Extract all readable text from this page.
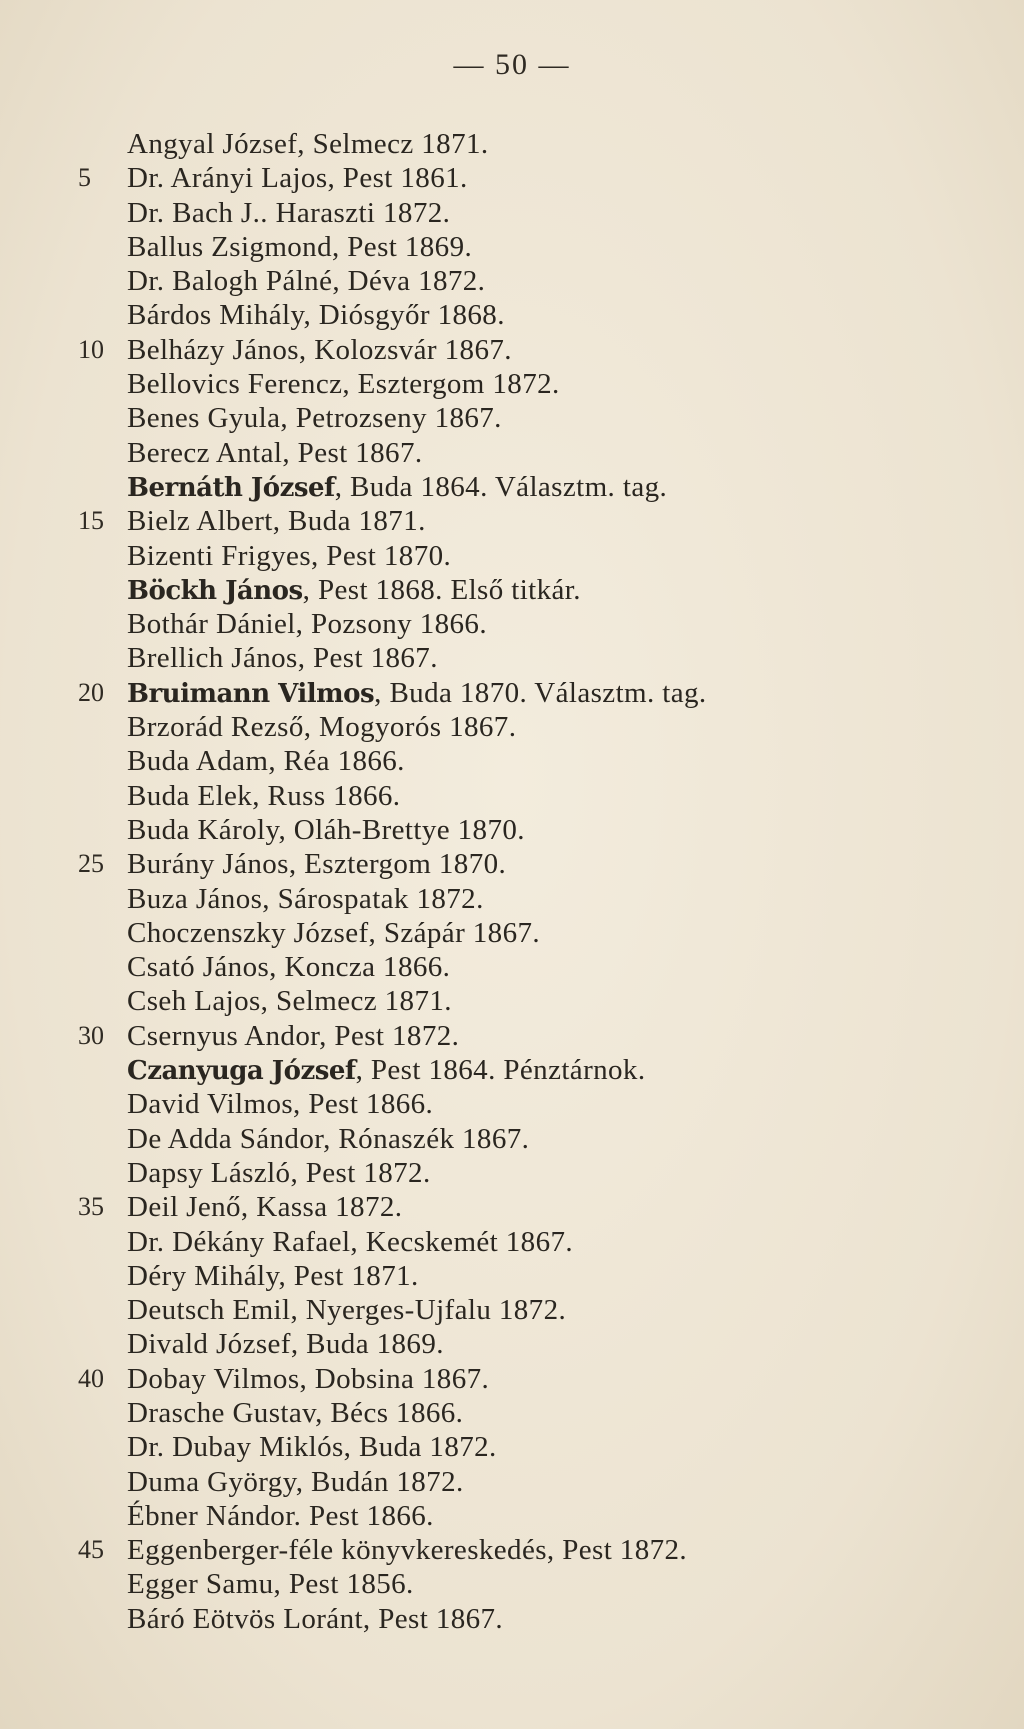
— 50 —
Angyal József, Selmecz 1871.
5	Dr. Arányi Lajos, Pest 1861.
Dr. Bach J.. Haraszti 1872.
Ballus Zsigmond, Pest 1869.
Dr. Balogh Pálné, Déva 1872.
Bárdos Mihály, Diósgyőr 1868.
10 Belházy János, Kolozsvár 1867.
Bellovics Ferencz, Esztergom 1872.
Benes Gyula, Petrozseny 1867.
Berecz Antal, Pest 1867.
Bernáth József, Buda 1864. Választm. tag.
15 Bielz Albert, Buda 1871.
Bizenti Frigyes, Pest 1870.
Böckh János, Pest 1868. Első titkár.
Bothár Dániel, Pozsony 1866.
Brellich János, Pest 1867.
20 Bruimann Vilmos, Buda 1870. Választm. tag.
Brzorád Rezső, Mogyorós 1867.
Buda Adam, Réa 1866.
Buda Elek, Russ 1866.
Buda Károly, Oláh-Brettye 1870.
25 Burány János, Esztergom 1870.
Buza János, Sárospatak 1872.
Choczenszky József, Szápár 1867.
Csató János, Koncza 1866.
Cseh Lajos, Selmecz 1871.
30 Csernyus Andor, Pest 1872.
Czanyuga József, Pest 1864. Pénztárnok.
David Vilmos, Pest 1866.
De Adda Sándor, Rónaszék 1867.
Dapsy László, Pest 1872.
35 Deil Jenő, Kassa 1872.
Dr. Dékány Rafael, Kecskemét 1867.
Déry Mihály, Pest 1871.
Deutsch Emil, Nyerges-Ujfalu 1872.
Divald József, Buda 1869.
40 Dobay Vilmos, Dobsina 1867.
Drasche Gustav, Bécs 1866.
Dr. Dubay Miklós, Buda 1872.
Duma György, Budán 1872.
Ébner Nándor. Pest 1866.
45 Eggenberger-féle könyvkereskedés, Pest 1872.
Egger Samu, Pest 1856.
Báró Eötvös Loránt, Pest 1867.
